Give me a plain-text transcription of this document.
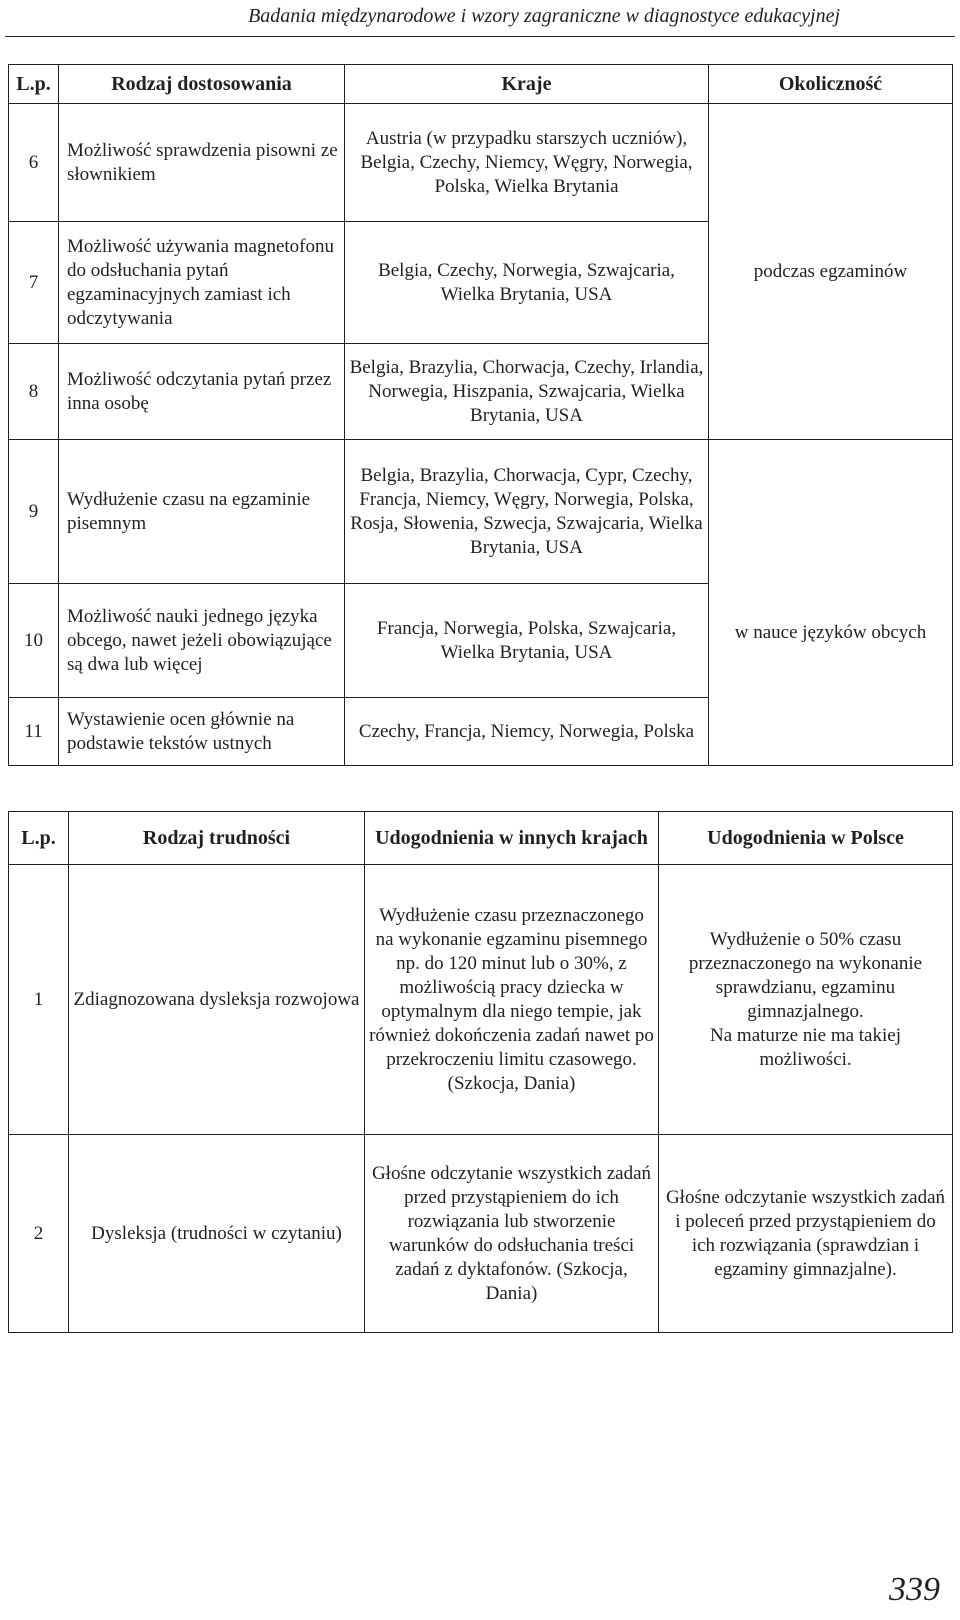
Badania międzynarodowe i wzory zagraniczne w diagnostyce edukacyjnej
L.p.	Rodzaj dostosowania	Kraje	Okoliczność
6	Możliwość sprawdzenia pisowni ze słownikiem	Austria (w przypadku starszych uczniów), Belgia, Czechy, Niemcy, Węgry, Norwegia, Polska, Wielka Brytania	podczas egzaminów
7	Możliwość używania magnetofonu do odsłuchania pytań egzaminacyjnych zamiast ich odczytywania	Belgia, Czechy, Norwegia, Szwajcaria, Wielka Brytania, USA	
8	Możliwość odczytania pytań przez inna osobę	Belgia, Brazylia, Chorwacja, Czechy, Irlandia, Norwegia, Hiszpania, Szwajcaria, Wielka Brytania, USA	
9	Wydłużenie czasu na egzaminie pisemnym	Belgia, Brazylia, Chorwacja, Cypr, Czechy, Francja, Niemcy, Węgry, Norwegia, Polska, Rosja, Słowenia, Szwecja, Szwajcaria, Wielka Brytania, USA	w nauce języków obcych
10	Możliwość nauki jednego języka obcego, nawet jeżeli obowiązujące są dwa lub więcej	Francja, Norwegia, Polska, Szwajcaria, Wielka Brytania, USA	
11	Wystawienie ocen głównie na podstawie tekstów ustnych	Czechy, Francja, Niemcy, Norwegia, Polska	
L.p.	Rodzaj trudności	Udogodnienia w innych krajach	Udogodnienia w Polsce
1	Zdiagnozowana dysleksja rozwojowa	Wydłużenie czasu przeznaczonego na wykonanie egzaminu pisemnego np. do 120 minut lub o 30%, z możliwością pracy dziecka w optymalnym dla niego tempie, jak również dokończenia zadań nawet po przekroczeniu limitu czasowego. (Szkocja, Dania)	Wydłużenie o 50% czasu przeznaczonego na wykonanie sprawdzianu, egzaminu gimnazjalnego.
Na maturze nie ma takiej możliwości.
2	Dysleksja (trudności w czytaniu)	Głośne odczytanie wszystkich zadań przed przystąpieniem do ich rozwiązania lub stworzenie warunków do odsłuchania treści zadań z dyktafonów. (Szkocja, Dania)	Głośne odczytanie wszystkich zadań i poleceń przed przystąpieniem do ich rozwiązania (sprawdzian i egzaminy gimnazjalne).
339
